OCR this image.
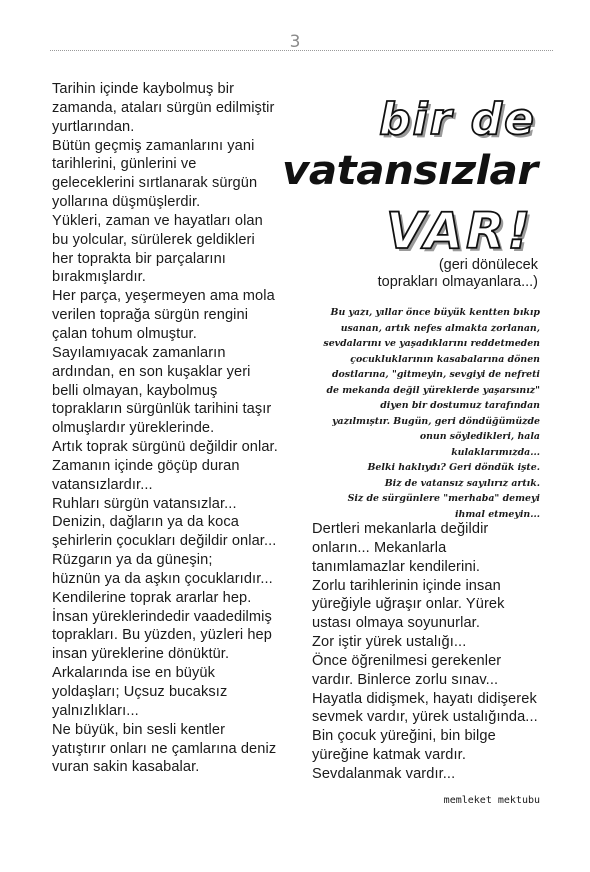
3
Tarihin içinde kaybolmuş bir
zamanda, ataları sürgün edilmiştir
yurtlarından.
Bütün geçmiş zamanlarını yani
tarihlerini, günlerini ve
geleceklerini sırtlanarak sürgün
yollarına düşmüşlerdir.
Yükleri, zaman ve hayatları olan
bu yolcular, sürülerek geldikleri
her toprakta bir parçalarını
bırakmışlardır.
Her parça, yeşermeyen ama mola
verilen toprağa sürgün rengini
çalan tohum olmuştur.
Sayılamıyacak zamanların
ardından, en son kuşaklar yeri
belli olmayan, kaybolmuş
toprakların sürgünlük tarihini taşır
olmuşlardır yüreklerinde.
Artık toprak sürgünü değildir onlar.
Zamanın içinde göçüp duran
vatansızlardır...
Ruhları sürgün vatansızlar...
Denizin, dağların ya da koca
şehirlerin çocukları değildir onlar...
Rüzgarın ya da güneşin;
hüznün ya da aşkın çocuklarıdır...
Kendilerine toprak ararlar hep.
İnsan yüreklerindedir vaadedilmiş
toprakları. Bu yüzden, yüzleri hep
insan yüreklerine dönüktür.
Arkalarında ise en büyük
yoldaşları; Uçsuz bucaksız
yalnızlıkları...
Ne büyük, bin sesli kentler
yatıştırır onları ne çamlarına deniz
vuran sakin kasabalar.
bir de
vatansızlar
VAR!
(geri dönülecek
toprakları olmayanlara...)
Bu yazı, yıllar önce büyük kentten bıkıp
usanan, artık nefes almakta zorlanan,
sevdalarını ve yaşadıklarını reddetmeden
çocukluklarının kasabalarına dönen
dostlarına, "gitmeyin, sevgiyi de nefreti
de mekanda değil yüreklerde yaşarsınız"
diyen bir dostumuz tarafından
yazılmıştır. Bugün, geri döndüğümüzde
onun söyledikleri, hala
kulaklarımızda...
Belki haklıydı? Geri döndük işte.
Biz de vatansız sayılırız artık.
Siz de sürgünlere "merhaba" demeyi
ihmal etmeyin...
Dertleri mekanlarla değildir
onların... Mekanlarla
tanımlamazlar kendilerini.
Zorlu tarihlerinin içinde insan
yüreğiyle uğraşır onlar. Yürek
ustası olmaya soyunurlar.
Zor iştir yürek ustalığı...
Önce öğrenilmesi gerekenler
vardır. Binlerce zorlu sınav...
Hayatla didişmek, hayatı didişerek
sevmek vardır, yürek ustalığında...
Bin çocuk yüreğini, bin bilge
yüreğine katmak vardır.
Sevdalanmak vardır...
memleket mektubu
